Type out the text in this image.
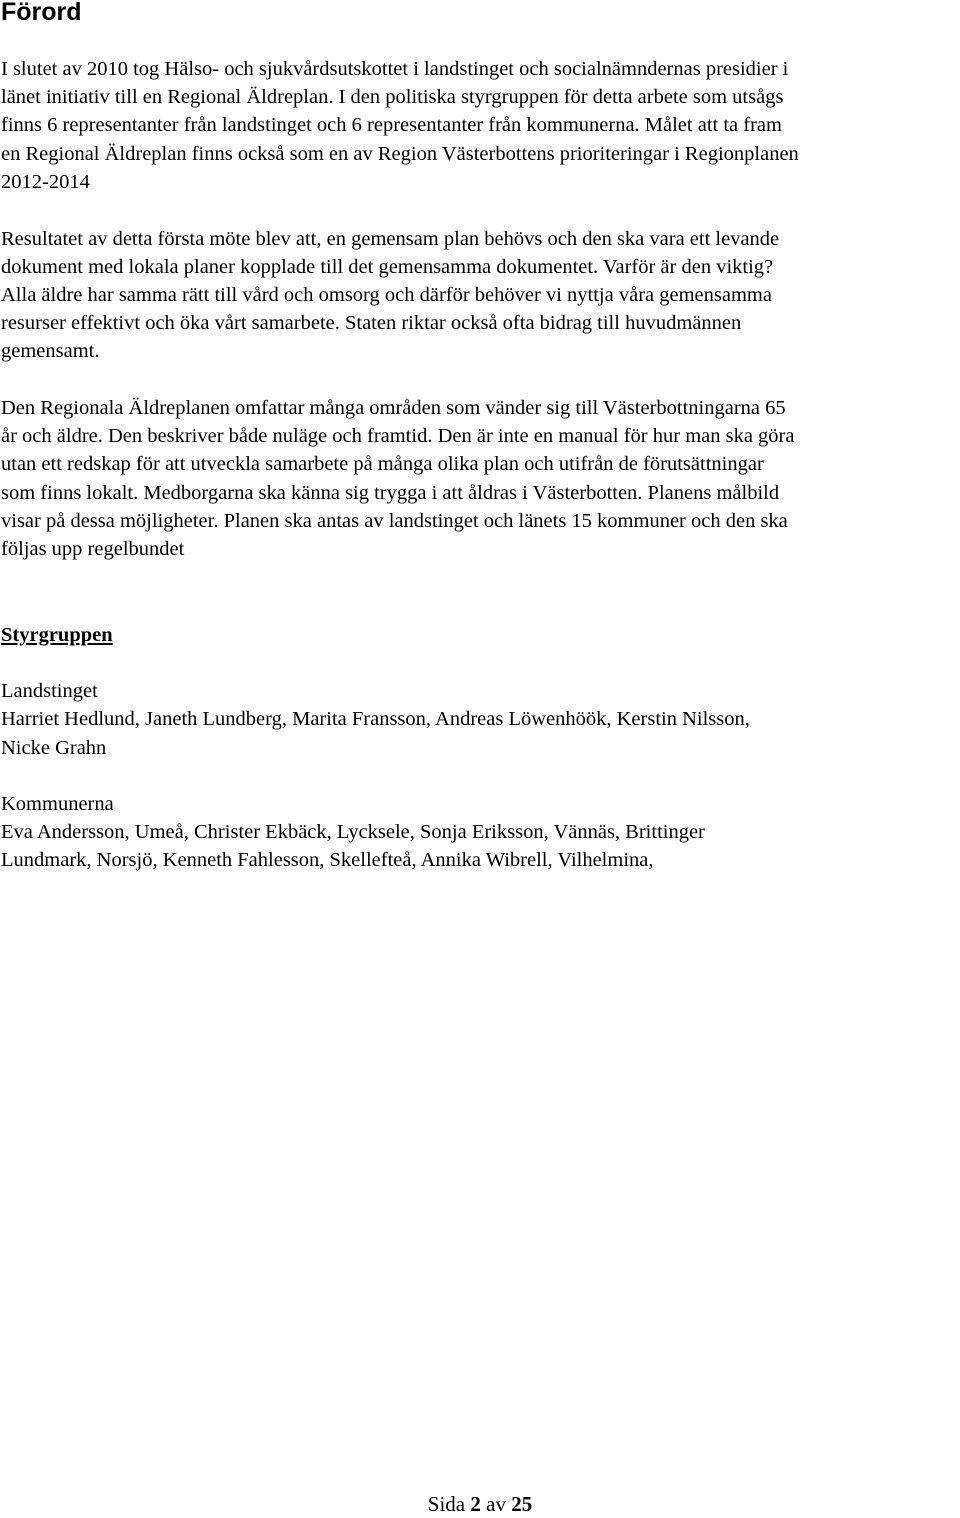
Förord

I slutet av 2010 tog Hälso- och sjukvårdsutskottet i landstinget och socialnämndernas presidier i

länet initiativ till en Regional Äldreplan. I den politiska styrgruppen för detta arbete som utsågs

finns 6 representanter från landstinget och 6 representanter från kommunerna. Målet att ta fram

en Regional Äldreplan finns också som en av Region Västerbottens prioriteringar i Regionplanen

2012-2014

Resultatet av detta första möte blev att, en gemensam plan behövs och den ska vara ett levande

dokument med lokala planer kopplade till det gemensamma dokumentet. Varför är den viktig?

Alla äldre har samma rätt till vård och omsorg och därför behöver vi nyttja våra gemensamma

resurser effektivt och öka vårt samarbete. Staten riktar också ofta bidrag till huvudmännen

gemensamt.

Den Regionala Äldreplanen omfattar många områden som vänder sig till Västerbottningarna 65

år och äldre. Den beskriver både nuläge och framtid. Den är inte en manual för hur man ska göra

utan ett redskap för att utveckla samarbete på många olika plan och utifrån de förutsättningar

som finns lokalt. Medborgarna ska känna sig trygga i att åldras i Västerbotten. Planens målbild

visar på dessa möjligheter. Planen ska antas av landstinget och länets 15 kommuner och den ska

följas upp regelbundet

Styrgruppen

Landstinget

Harriet Hedlund, Janeth Lundberg, Marita Fransson, Andreas Löwenhöök, Kerstin Nilsson,

Nicke Grahn

Kommunerna

Eva Andersson, Umeå, Christer Ekbäck, Lycksele, Sonja Eriksson, Vännäs, Brittinger

Lundmark, Norsjö, Kenneth Fahlesson, Skellefteå, Annika Wibrell, Vilhelmina,

Sida 2 av 25
